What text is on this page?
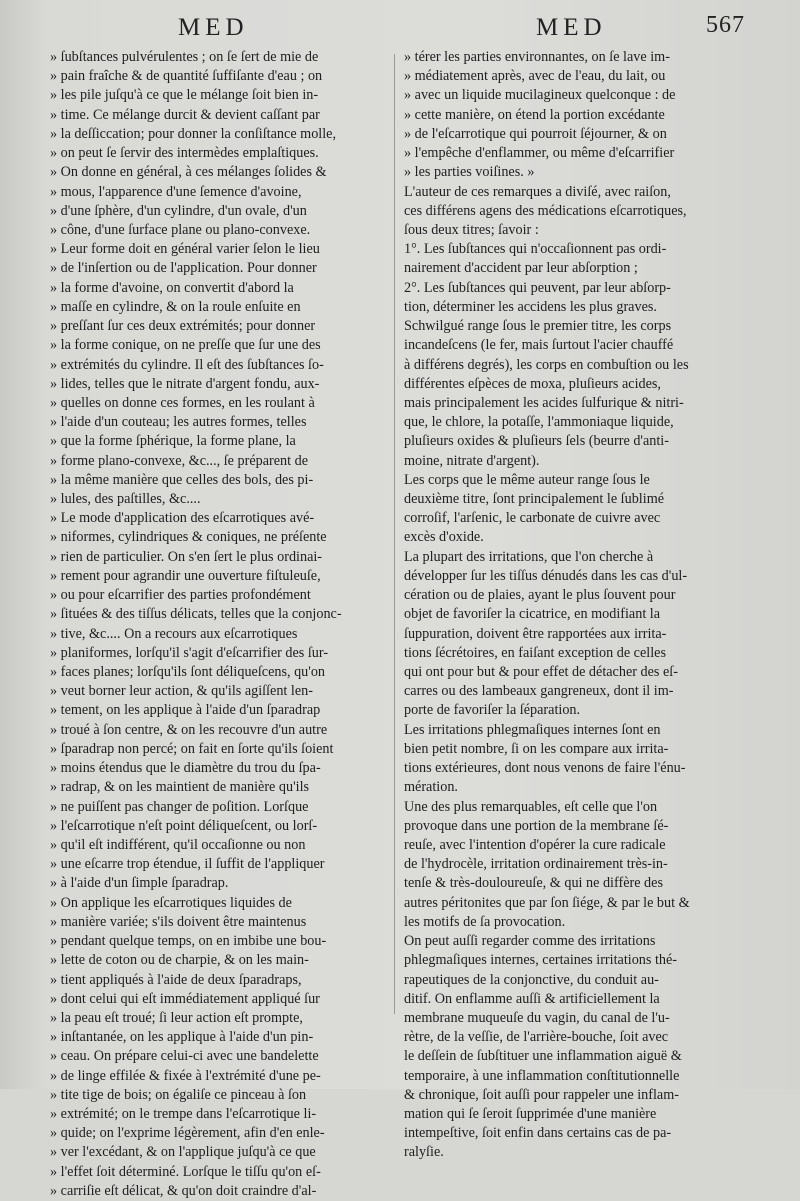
MED	MED	567
» ſubſtances pulvérulentes ; on ſe ſert de mie de
» pain fraîche & de quantité ſuffiſante d'eau ; on
» les pile juſqu'à ce que le mélange ſoit bien in-
» time. Ce mélange durcit & devient caſſant par
» la deſſiccation; pour donner la conſiſtance molle,
» on peut ſe ſervir des intermèdes emplaſtiques.
» On donne en général, à ces mélanges ſolides &
» mous, l'apparence d'une ſemence d'avoine,
» d'une ſphère, d'un cylindre, d'un ovale, d'un
» cône, d'une ſurface plane ou plano-convexe.
» Leur forme doit en général varier ſelon le lieu
» de l'inſertion ou de l'application. Pour donner
» la forme d'avoine, on convertit d'abord la
» maſſe en cylindre, & on la roule enſuite en
» preſſant ſur ces deux extrémités; pour donner
» la forme conique, on ne preſſe que ſur une des
» extrémités du cylindre. Il eſt des ſubſtances ſo-
» lides, telles que le nitrate d'argent fondu, aux-
» quelles on donne ces formes, en les roulant à
» l'aide d'un couteau; les autres formes, telles
» que la forme ſphérique, la forme plane, la
» forme plano-convexe, &c..., ſe préparent de
» la même manière que celles des bols, des pi-
» lules, des paſtilles, &c....
» Le mode d'application des eſcarrotiques avé-
» niformes, cylindriques & coniques, ne préſente
» rien de particulier. On s'en ſert le plus ordinai-
» rement pour agrandir une ouverture fiſtuleuſe,
» ou pour eſcarrifier des parties profondément
» ſituées & des tiſſus délicats, telles que la conjonc-
» tive, &c.... On a recours aux eſcarrotiques
» planiformes, lorſqu'il s'agit d'eſcarrifier des ſur-
» faces planes; lorſqu'ils ſont déliqueſcens, qu'on
» veut borner leur action, & qu'ils agiſſent len-
» tement, on les applique à l'aide d'un ſparadrap
» troué à ſon centre, & on les recouvre d'un autre
» ſparadrap non percé; on fait en ſorte qu'ils ſoient
» moins étendus que le diamètre du trou du ſpa-
» radrap, & on les maintient de manière qu'ils
» ne puiſſent pas changer de poſition. Lorſque
» l'eſcarrotique n'eſt point déliqueſcent, ou lorſ-
» qu'il eſt indifférent, qu'il occaſionne ou non
» une eſcarre trop étendue, il ſuffit de l'appliquer
» à l'aide d'un ſimple ſparadrap.
» On applique les eſcarrotiques liquides de
» manière variée; s'ils doivent être maintenus
» pendant quelque temps, on en imbibe une bou-
» lette de coton ou de charpie, & on les main-
» tient appliqués à l'aide de deux ſparadraps,
» dont celui qui eſt immédiatement appliqué ſur
» la peau eſt troué; ſi leur action eſt prompte,
» inſtantanée, on les applique à l'aide d'un pin-
» ceau. On prépare celui-ci avec une bandelette
» de linge effilée & fixée à l'extrémité d'une pe-
» tite tige de bois; on égaliſe ce pinceau à ſon
» extrémité; on le trempe dans l'eſcarrotique li-
» quide; on l'exprime légèrement, afin d'en enle-
» ver l'excédant, & on l'applique juſqu'à ce que
» l'effet ſoit déterminé. Lorſque le tiſſu qu'on eſ-
» carriſie eſt délicat, & qu'on doit craindre d'al-
» térer les parties environnantes, on ſe lave im-
» médiatement après, avec de l'eau, du lait, ou
» avec un liquide mucilagineux quelconque : de
» cette manière, on étend la portion excédante
» de l'eſcarrotique qui pourroit ſéjourner, & on
» l'empêche d'enflammer, ou même d'eſcarrifier
» les parties voiſines. »
L'auteur de ces remarques a diviſé, avec raiſon,
ces différens agens des médications eſcarrotiques,
ſous deux titres; ſavoir :
1°. Les ſubſtances qui n'occaſionnent pas ordi-
nairement d'accident par leur abſorption ;
2°. Les ſubſtances qui peuvent, par leur abſorp-
tion, déterminer les accidens les plus graves.
Schwilgué range ſous le premier titre, les corps
incandeſcens (le fer, mais ſurtout l'acier chauffé
à différens degrés), les corps en combuſtion ou les
différentes eſpèces de moxa, pluſieurs acides,
mais principalement les acides ſulfurique & nitri-
que, le chlore, la potaſſe, l'ammoniaque liquide,
pluſieurs oxides & pluſieurs ſels (beurre d'anti-
moine, nitrate d'argent).
Les corps que le même auteur range ſous le
deuxième titre, ſont principalement le ſublimé
corroſif, l'arſenic, le carbonate de cuivre avec
excès d'oxide.
La plupart des irritations, que l'on cherche à
développer ſur les tiſſus dénudés dans les cas d'ul-
cération ou de plaies, ayant le plus ſouvent pour
objet de favoriſer la cicatrice, en modifiant la
ſuppuration, doivent être rapportées aux irrita-
tions ſécrétoires, en faiſant exception de celles
qui ont pour but & pour effet de détacher des eſ-
carres ou des lambeaux gangreneux, dont il im-
porte de favoriſer la ſéparation.
Les irritations phlegmaſiques internes ſont en
bien petit nombre, ſi on les compare aux irrita-
tions extérieures, dont nous venons de faire l'énu-
mération.
Une des plus remarquables, eſt celle que l'on
provoque dans une portion de la membrane ſé-
reuſe, avec l'intention d'opérer la cure radicale
de l'hydrocèle, irritation ordinairement très-in-
tenſe & très-douloureuſe, & qui ne diffère des
autres péritonites que par ſon ſiége, & par le but &
les motifs de ſa provocation.
On peut auſſi regarder comme des irritations
phlegmaſiques internes, certaines irritations thé-
rapeutiques de la conjonctive, du conduit au-
ditif. On enflamme auſſi & artificiellement la
membrane muqueuſe du vagin, du canal de l'u-
rètre, de la veſſie, de l'arrière-bouche, ſoit avec
le deſſein de ſubſtituer une inflammation aiguë &
temporaire, à une inflammation conſtitutionnelle
& chronique, ſoit auſſi pour rappeler une inflam-
mation qui ſe ſeroit ſupprimée d'une manière
intempeſtive, ſoit enfin dans certains cas de pa-
ralyſie.
